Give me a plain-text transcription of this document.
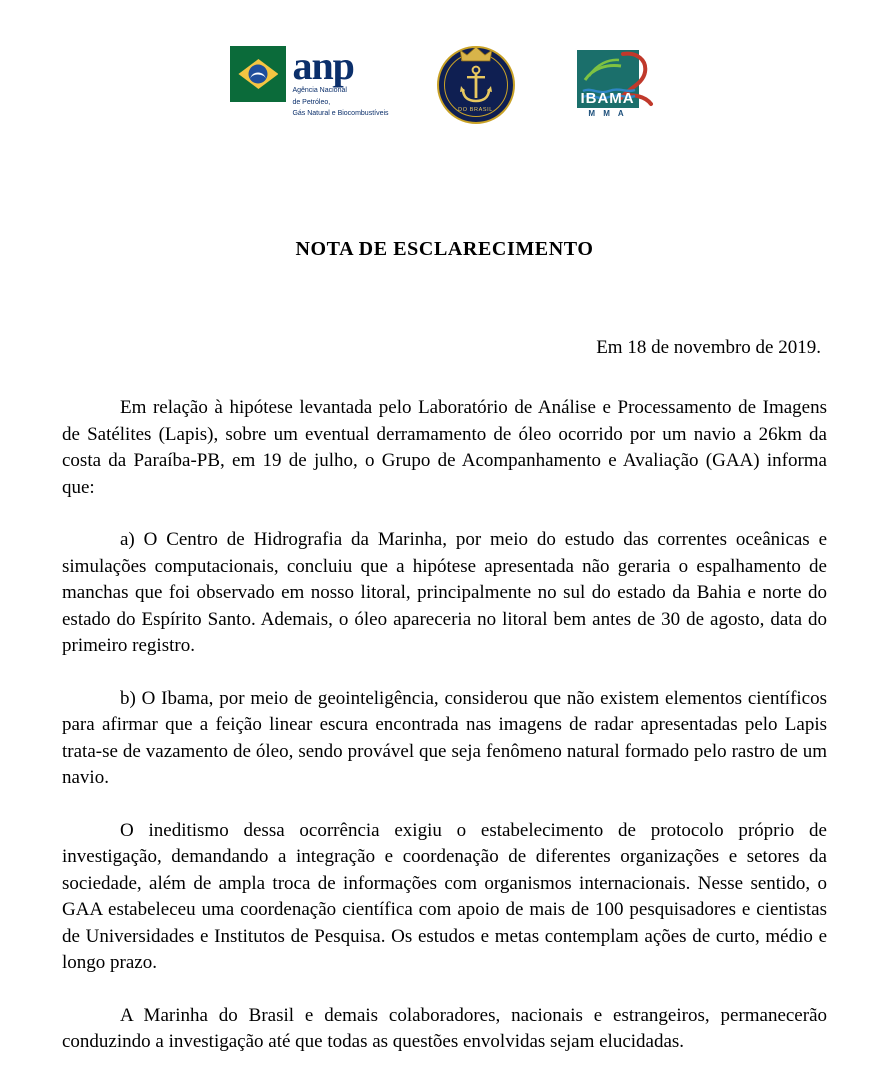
anp
Agência Nacional
de Petróleo,
Gás Natural e Biocombustíveis	DO BRASIL
IBAMA
M M A
NOTA DE ESCLARECIMENTO
Em 18 de novembro de 2019.

Em relação à hipótese levantada pelo Laboratório de Análise e Processamento de Imagens de Satélites (Lapis), sobre um eventual derramamento de óleo ocorrido por um navio a 26km da costa da Paraíba-PB, em 19 de julho, o Grupo de Acompanhamento e Avaliação (GAA) informa que:

a) O Centro de Hidrografia da Marinha, por meio do estudo das correntes oceânicas e simulações computacionais, concluiu que a hipótese apresentada não geraria o espalhamento de manchas que foi observado em nosso litoral, principalmente no sul do estado da Bahia e norte do estado do Espírito Santo. Ademais, o óleo apareceria no litoral bem antes de 30 de agosto, data do primeiro registro.

b) O Ibama, por meio de geointeligência, considerou que não existem elementos científicos para afirmar que a feição linear escura encontrada nas imagens de radar apresentadas pelo Lapis trata-se de vazamento de óleo, sendo provável que seja fenômeno natural formado pelo rastro de um navio.

O ineditismo dessa ocorrência exigiu o estabelecimento de protocolo próprio de investigação, demandando a integração e coordenação de diferentes organizações e setores da sociedade, além de ampla troca de informações com organismos internacionais. Nesse sentido, o GAA estabeleceu uma coordenação científica com apoio de mais de 100 pesquisadores e cientistas de Universidades e Institutos de Pesquisa. Os estudos e metas contemplam ações de curto, médio e longo prazo.

A Marinha do Brasil e demais colaboradores, nacionais e estrangeiros, permanecerão conduzindo a investigação até que todas as questões envolvidas sejam elucidadas.
